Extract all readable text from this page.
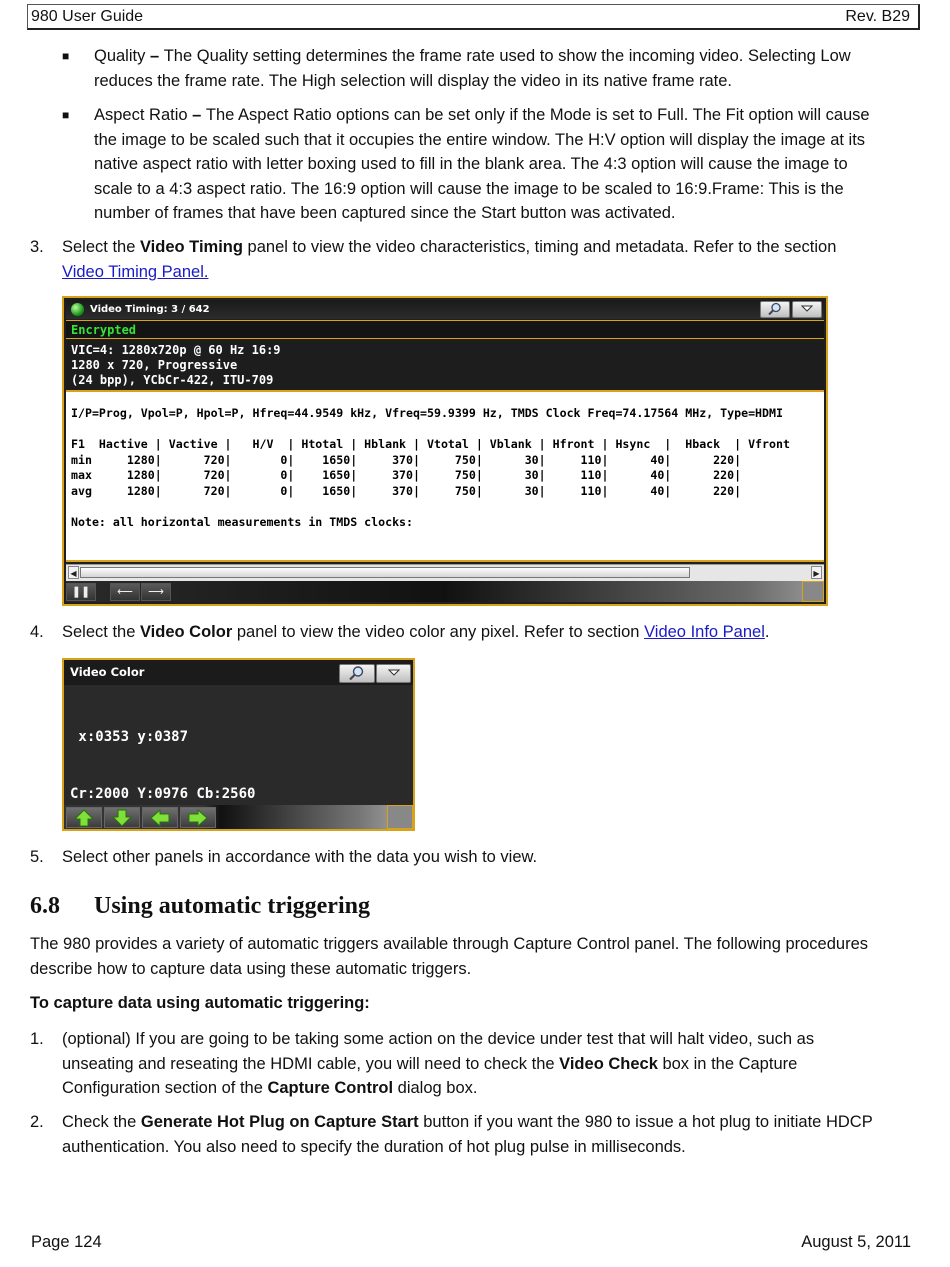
980 User Guide	Rev. B29
■ Quality – The Quality setting determines the frame rate used to show the incoming video. Selecting Low
reduces the frame rate. The High selection will display the video in its native frame rate.
■ Aspect Ratio – The Aspect Ratio options can be set only if the Mode is set to Full. The Fit option will cause
the image to be scaled such that it occupies the entire window. The H:V option will display the image at its
native aspect ratio with letter boxing used to fill in the blank area. The 4:3 option will cause the image to
scale to a 4:3 aspect ratio. The 16:9 option will cause the image to be scaled to 16:9.Frame: This is the
number of frames that have been captured since the Start button was activated.
3. Select the Video Timing panel to view the video characteristics, timing and metadata. Refer to the section
Video Timing Panel.
Video Timing: 3 / 642
Encrypted
VIC=4: 1280x720p @ 60 Hz 16:9
1280 x 720, Progressive
(24 bpp), YCbCr-422, ITU-709
I/P=Prog, Vpol=P, Hpol=P, Hfreq=44.9549 kHz, Vfreq=59.9399 Hz, TMDS Clock Freq=74.17564 MHz, Type=HDMI

F1  Hactive | Vactive |   H/V  | Htotal | Hblank | Vtotal | Vblank | Hfront | Hsync  |  Hback  | Vfront
min     1280|      720|       0|    1650|     370|     750|      30|     110|      40|      220|
max     1280|      720|       0|    1650|     370|     750|      30|     110|      40|      220|
avg     1280|      720|       0|    1650|     370|     750|      30|     110|      40|      220|

Note: all horizontal measurements in TMDS clocks:
◀	▶
❚❚	⟵	⟶
4. Select the Video Color panel to view the video color any pixel. Refer to section Video Info Panel.
Video Color

x:0353 y:0387

Cr:2000 Y:0976 Cb:2560

5. Select other panels in accordance with the data you wish to view.
6.8 Using automatic triggering
The 980 provides a variety of automatic triggers available through Capture Control panel. The following procedures
describe how to capture data using these automatic triggers.
To capture data using automatic triggering:
1. (optional) If you are going to be taking some action on the device under test that will halt video, such as
unseating and reseating the HDMI cable, you will need to check the Video Check box in the Capture
Configuration section of the Capture Control dialog box.
2. Check the Generate Hot Plug on Capture Start button if you want the 980 to issue a hot plug to initiate HDCP
authentication. You also need to specify the duration of hot plug pulse in milliseconds.
Page 124	August 5, 2011
